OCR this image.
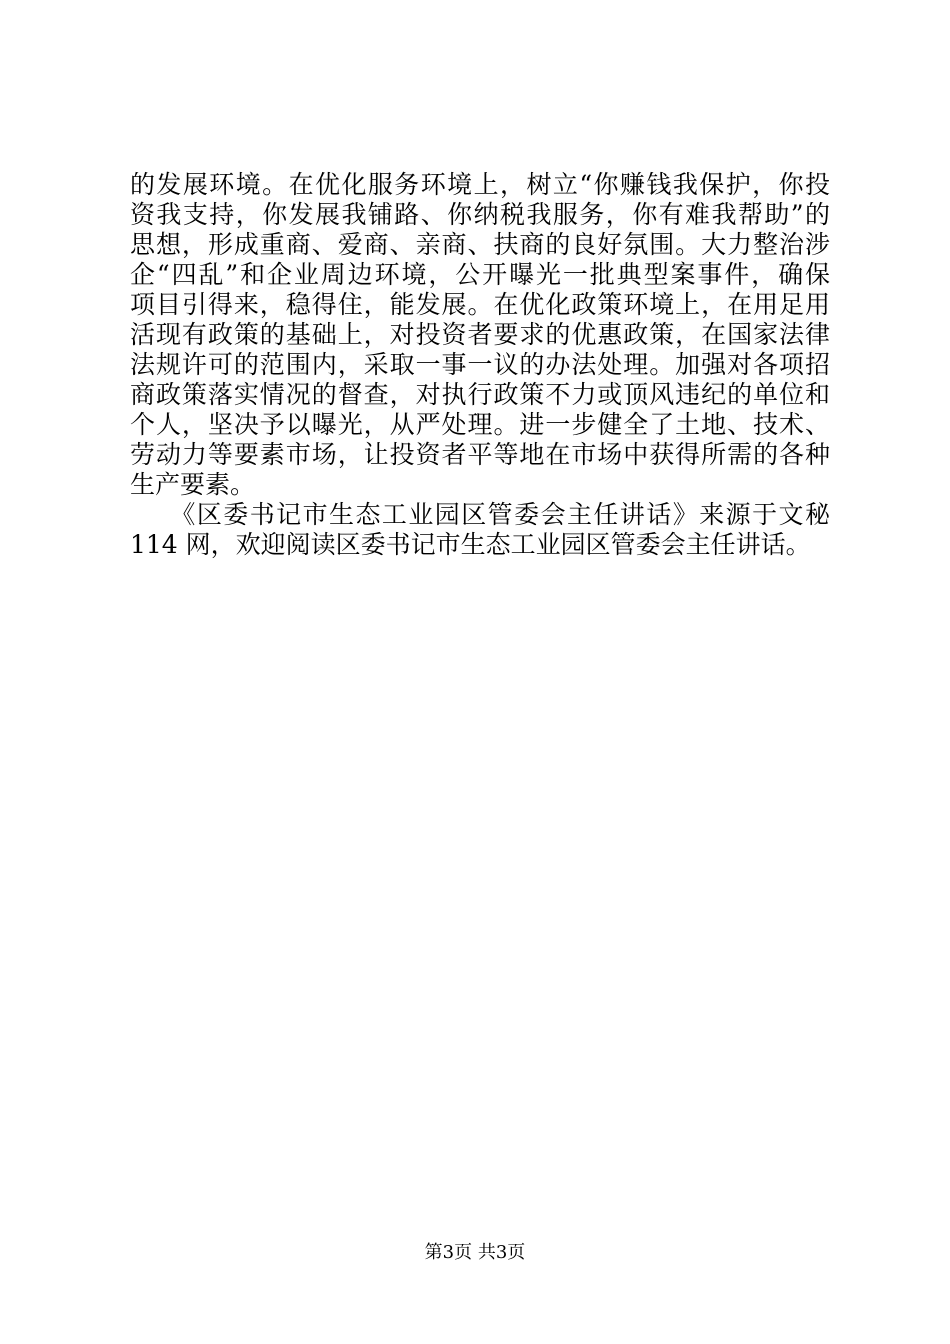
的发展环境。在优化服务环境上，树立“你赚钱我保护，你投
资我支持，你发展我铺路、你纳税我服务，你有难我帮助”的
思想，形成重商、爱商、亲商、扶商的良好氛围。大力整治涉
企“四乱”和企业周边环境，公开曝光一批典型案事件，确保
项目引得来，稳得住，能发展。在优化政策环境上，在用足用
活现有政策的基础上，对投资者要求的优惠政策，在国家法律
法规许可的范围内，采取一事一议的办法处理。加强对各项招
商政策落实情况的督查，对执行政策不力或顶风违纪的单位和
个人，坚决予以曝光，从严处理。进一步健全了土地、技术、
劳动力等要素市场，让投资者平等地在市场中获得所需的各种
生产要素。
　　《区委书记市生态工业园区管委会主任讲话》来源于文秘
114 网，欢迎阅读区委书记市生态工业园区管委会主任讲话。
第3页 共3页
